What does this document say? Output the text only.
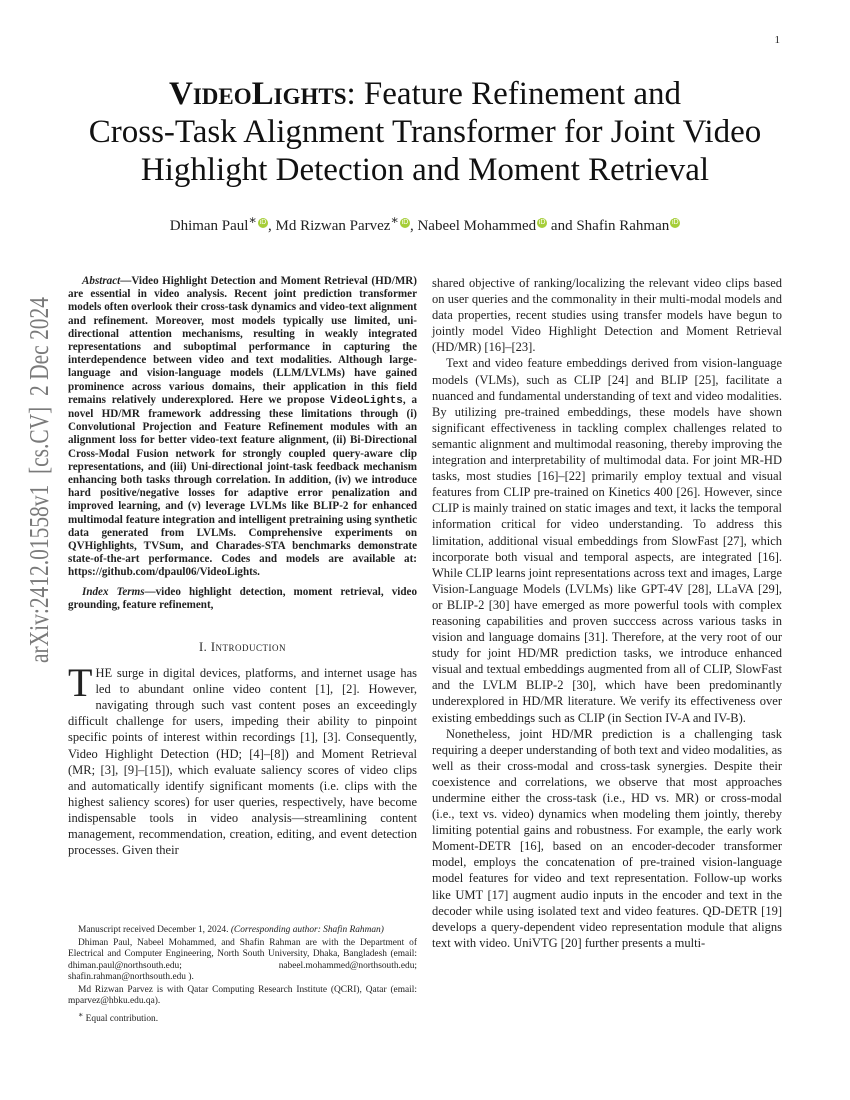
1
arXiv:2412.01558v1  [cs.CV]  2 Dec 2024
VideoLights: Feature Refinement and
Cross-Task Alignment Transformer for Joint Video
Highlight Detection and Moment Retrieval
Dhiman Paul∗ iD , Md Rizwan Parvez∗ iD , Nabeel Mohammed iD and Shafin Rahman iD

Abstract—Video Highlight Detection and Moment Retrieval (HD/MR) are essential in video analysis. Recent joint prediction transformer models often overlook their cross-task dynamics and video-text alignment and refinement. Moreover, most models typically use limited, uni-directional attention mechanisms, resulting in weakly integrated representations and suboptimal performance in capturing the interdependence between video and text modalities. Although large-language and vision-language models (LLM/LVLMs) have gained prominence across various domains, their application in this field remains relatively underexplored. Here we propose VideoLights, a novel HD/MR framework addressing these limitations through (i) Convolutional Projection and Feature Refinement modules with an alignment loss for better video-text feature alignment, (ii) Bi-Directional Cross-Modal Fusion network for strongly coupled query-aware clip representations, and (iii) Uni-directional joint-task feedback mechanism enhancing both tasks through correlation. In addition, (iv) we introduce hard positive/negative losses for adaptive error penalization and improved learning, and (v) leverage LVLMs like BLIP-2 for enhanced multimodal feature integration and intelligent pretraining using synthetic data generated from LVLMs. Comprehensive experiments on QVHighlights, TVSum, and Charades-STA benchmarks demonstrate state-of-the-art performance. Codes and models are available at: https://github.com/dpaul06/VideoLights.

Index Terms—video highlight detection, moment retrieval, video grounding, feature refinement,

I. Introduction

THE surge in digital devices, platforms, and internet usage has led to abundant online video content [1], [2]. However, navigating through such vast content poses an exceedingly difficult challenge for users, impeding their ability to pinpoint specific points of interest within recordings [1], [3]. Consequently, Video Highlight Detection (HD; [4]–[8]) and Moment Retrieval (MR; [3], [9]–[15]), which evaluate saliency scores of video clips and automatically identify significant moments (i.e. clips with the highest saliency scores) for user queries, respectively, have become indispensable tools in video analysis—streamlining content management, recommendation, creation, editing, and event detection processes. Given their

Manuscript received December 1, 2024. (Corresponding author: Shafin Rahman)

Dhiman Paul, Nabeel Mohammed, and Shafin Rahman are with the Department of Electrical and Computer Engineering, North South University, Dhaka, Bangladesh (email: dhiman.paul@northsouth.edu; nabeel.mohammed@northsouth.edu; shafin.rahman@northsouth.edu ).

Md Rizwan Parvez is with Qatar Computing Research Institute (QCRI), Qatar (email: mparvez@hbku.edu.qa).

∗ Equal contribution.

shared objective of ranking/localizing the relevant video clips based on user queries and the commonality in their multi-modal models and data properties, recent studies using transfer models have begun to jointly model Video Highlight Detection and Moment Retrieval (HD/MR) [16]–[23].

Text and video feature embeddings derived from vision-language models (VLMs), such as CLIP [24] and BLIP [25], facilitate a nuanced and fundamental understanding of text and video modalities. By utilizing pre-trained embeddings, these models have shown significant effectiveness in tackling complex challenges related to semantic alignment and multimodal reasoning, thereby improving the integration and interpretability of multimodal data. For joint MR-HD tasks, most studies [16]–[22] primarily employ textual and visual features from CLIP pre-trained on Kinetics 400 [26]. However, since CLIP is mainly trained on static images and text, it lacks the temporal information critical for video understanding. To address this limitation, additional visual embeddings from SlowFast [27], which incorporate both visual and temporal aspects, are integrated [16]. While CLIP learns joint representations across text and images, Large Vision-Language Models (LVLMs) like GPT-4V [28], LLaVA [29], or BLIP-2 [30] have emerged as more powerful tools with complex reasoning capabilities and proven succcess across various tasks in vision and language domains [31]. Therefore, at the very root of our study for joint HD/MR prediction tasks, we introduce enhanced visual and textual embeddings augmented from all of CLIP, SlowFast and the LVLM BLIP-2 [30], which have been predominantly underexplored in HD/MR literature. We verify its effectiveness over existing embeddings such as CLIP (in Section IV-A and IV-B).

Nonetheless, joint HD/MR prediction is a challenging task requiring a deeper understanding of both text and video modalities, as well as their cross-modal and cross-task synergies. Despite their coexistence and correlations, we observe that most approaches undermine either the cross-task (i.e., HD vs. MR) or cross-modal (i.e., text vs. video) dynamics when modeling them jointly, thereby limiting potential gains and robustness. For example, the early work Moment-DETR [16], based on an encoder-decoder transformer model, employs the concatenation of pre-trained vision-language model features for video and text representation. Follow-up works like UMT [17] augment audio inputs in the encoder and text in the decoder while using isolated text and video features. QD-DETR [19] develops a query-dependent video representation module that aligns text with video. UniVTG [20] further presents a multi-
